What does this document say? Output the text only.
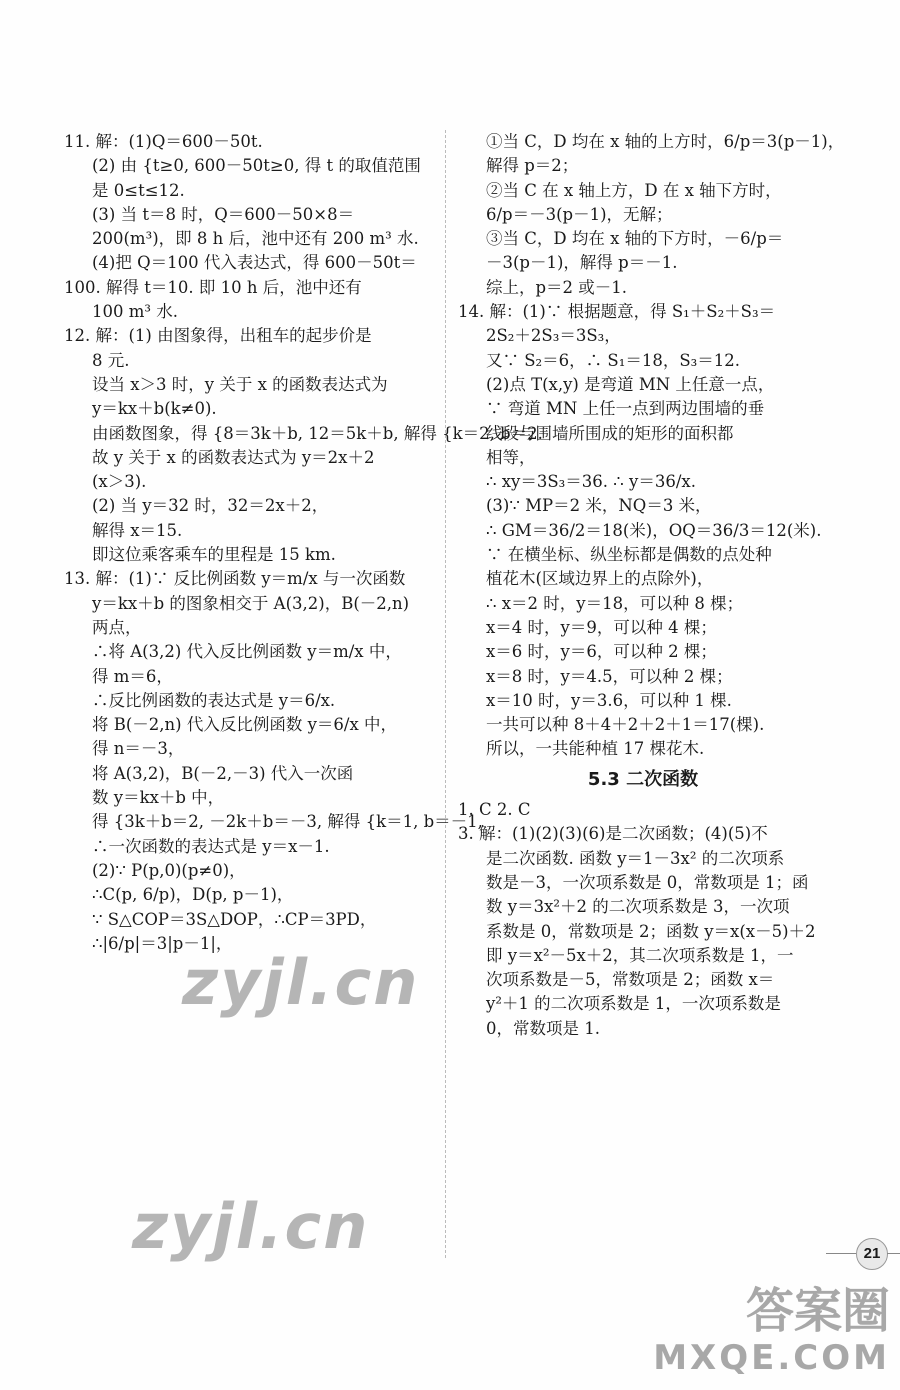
11. 解：(1)Q＝600－50t.
(2) 由 {t≥0, 600－50t≥0, 得 t 的取值范围
是 0≤t≤12.
(3) 当 t＝8 时，Q＝600－50×8＝
200(m³)，即 8 h 后，池中还有 200 m³ 水.
(4)把 Q＝100 代入表达式，得 600－50t＝
100. 解得 t＝10. 即 10 h 后，池中还有
100 m³ 水.
12. 解：(1) 由图象得，出租车的起步价是
8 元.
设当 x＞3 时，y 关于 x 的函数表达式为
y＝kx＋b(k≠0).
由函数图象，得 {8＝3k＋b, 12＝5k＋b, 解得 {k＝2, b＝2.
故 y 关于 x 的函数表达式为 y＝2x＋2
(x＞3).
(2) 当 y＝32 时，32＝2x＋2，
解得 x＝15.
即这位乘客乘车的里程是 15 km.
13. 解：(1)∵ 反比例函数 y＝m/x 与一次函数
y＝kx＋b 的图象相交于 A(3,2)，B(－2,n)
两点，
∴将 A(3,2) 代入反比例函数 y＝m/x 中，
得 m＝6，
∴反比例函数的表达式是 y＝6/x.
将 B(－2,n) 代入反比例函数 y＝6/x 中，
得 n＝－3，
将 A(3,2)，B(－2,－3) 代入一次函
数 y＝kx＋b 中，
得 {3k＋b＝2, －2k＋b＝－3, 解得 {k＝1, b＝－1,
∴一次函数的表达式是 y＝x－1.
(2)∵ P(p,0)(p≠0)，
∴C(p, 6/p)，D(p, p－1)，
∵ S△COP＝3S△DOP，∴CP＝3PD，
∴|6/p|＝3|p－1|，
①当 C，D 均在 x 轴的上方时，6/p＝3(p－1)，
解得 p＝2；
②当 C 在 x 轴上方，D 在 x 轴下方时，
6/p＝－3(p－1)，无解；
③当 C，D 均在 x 轴的下方时，－6/p＝
－3(p－1)，解得 p＝－1.
综上，p＝2 或－1.
14. 解：(1)∵ 根据题意，得 S₁＋S₂＋S₃＝
2S₂＋2S₃＝3S₃，
又∵ S₂＝6，∴ S₁＝18，S₃＝12.
(2)点 T(x,y) 是弯道 MN 上任意一点，
∵ 弯道 MN 上任一点到两边围墙的垂
线段与围墙所围成的矩形的面积都
相等，
∴ xy＝3S₃＝36. ∴ y＝36/x.
(3)∵ MP＝2 米，NQ＝3 米，
∴ GM＝36/2＝18(米)，OQ＝36/3＝12(米).
∵ 在横坐标、纵坐标都是偶数的点处种
植花木(区域边界上的点除外)，
∴ x＝2 时，y＝18，可以种 8 棵；
x＝4 时，y＝9，可以种 4 棵；
x＝6 时，y＝6，可以种 2 棵；
x＝8 时，y＝4.5，可以种 2 棵；
x＝10 时，y＝3.6，可以种 1 棵.
一共可以种 8＋4＋2＋2＋1＝17(棵).
所以，一共能种植 17 棵花木.
5.3 二次函数
1. C 2. C
3. 解：(1)(2)(3)(6)是二次函数；(4)(5)不
是二次函数. 函数 y＝1－3x² 的二次项系
数是－3，一次项系数是 0，常数项是 1；函
数 y＝3x²＋2 的二次项系数是 3，一次项
系数是 0，常数项是 2；函数 y＝x(x－5)＋2
即 y＝x²－5x＋2，其二次项系数是 1，一
次项系数是－5，常数项是 2；函数 x＝
y²＋1 的二次项系数是 1，一次项系数是
0，常数项是 1.
zyjl.cn
zyjl.cn	21
答案圈
MXQE.COM
